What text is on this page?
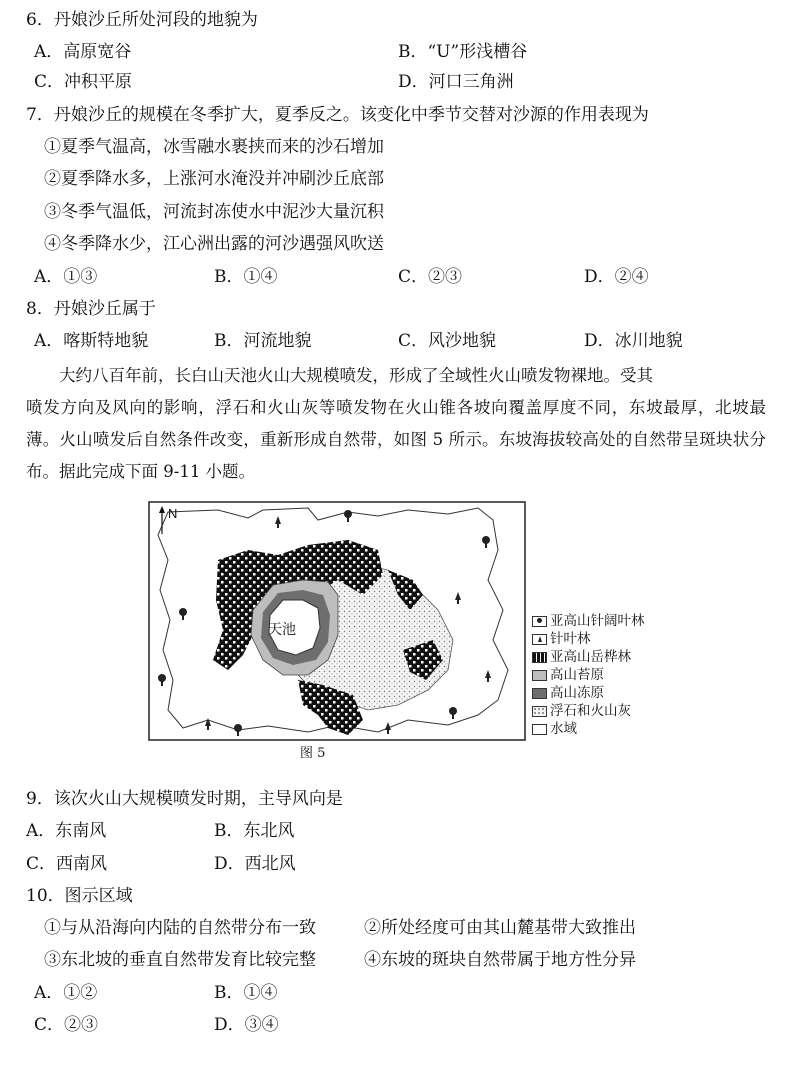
6．丹娘沙丘所处河段的地貌为
A．高原宽谷	B．“U”形浅槽谷
C．冲积平原	D．河口三角洲
7．丹娘沙丘的规模在冬季扩大，夏季反之。该变化中季节交替对沙源的作用表现为
①夏季气温高，冰雪融水裹挟而来的沙石增加
②夏季降水多，上涨河水淹没并冲刷沙丘底部
③冬季气温低，河流封冻使水中泥沙大量沉积
④冬季降水少，江心洲出露的河沙遇强风吹送
A．①③	B．①④	C．②③	D．②④
8．丹娘沙丘属于
A．喀斯特地貌	B．河流地貌	C．风沙地貌	D．冰川地貌

大约八百年前，长白山天池火山大规模喷发，形成了全域性火山喷发物裸地。受其

喷发方向及风向的影响，浮石和火山灰等喷发物在火山锥各坡向覆盖厚度不同，东坡最厚，北坡最薄。火山喷发后自然条件改变，重新形成自然带，如图 5 所示。东坡海拔较高处的自然带呈斑块状分布。据此完成下面 9-11 小题。

N
天池
亚高山针阔叶林
针叶林
亚高山岳桦林
高山苔原
高山冻原
浮石和火山灰
水域
图 5
9．该次火山大规模喷发时期，主导风向是
A．东南风	B．东北风
C．西南风	D．西北风
10．图示区域
①与从沿海向内陆的自然带分布一致	②所处经度可由其山麓基带大致推出
③东北坡的垂直自然带发育比较完整	④东坡的斑块自然带属于地方性分异
A．①②	B．①④
C．②③	D．③④
